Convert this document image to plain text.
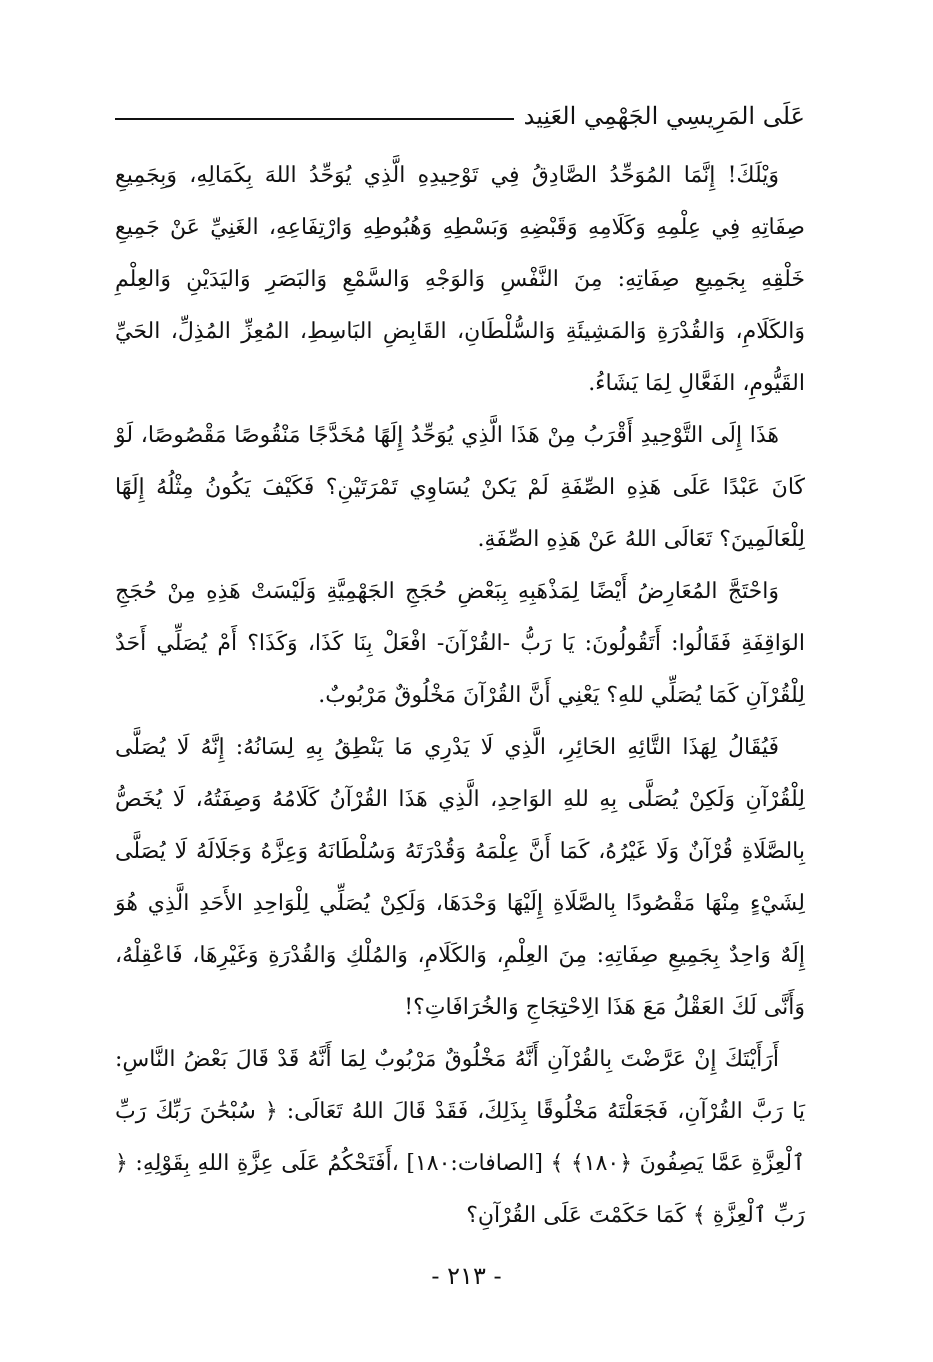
عَلَى المَرِيسِي الجَهْمِي العَنِيد

وَيْلَكَ! إِنَّمَا المُوَحِّدُ الصَّادِقُ فِي تَوْحِيدِهِ الَّذِي يُوَحِّدُ اللهَ بِكَمَالِهِ، وَبِجَمِيعِ صِفَاتِهِ فِي عِلْمِهِ وَكَلَامِهِ وَقَبْضِهِ وَبَسْطِهِ وَهُبُوطِهِ وَارْتِفَاعِهِ، الغَنِيِّ عَنْ جَمِيعِ خَلْقِهِ بِجَمِيعِ صِفَاتِهِ: مِنَ النَّفْسِ وَالوَجْهِ وَالسَّمْعِ وَالبَصَرِ وَاليَدَيْنِ وَالعِلْمِ وَالكَلَامِ، وَالقُدْرَةِ وَالمَشِيئَةِ وَالسُّلْطَانِ، القَابِضِ البَاسِطِ، المُعِزِّ المُذِلِّ، الحَيِّ القَيُّومِ، الفَعَّالِ لِمَا يَشَاءُ.

هَذَا إِلَى التَّوْحِيدِ أَقْرَبُ مِنْ هَذَا الَّذِي يُوَحِّدُ إِلَهًا مُخَدَّجًا مَنْقُوصًا مَقْصُوصًا، لَوْ كَانَ عَبْدًا عَلَى هَذِهِ الصِّفَةِ لَمْ يَكنْ يُسَاوِي تَمْرَتَيْنِ؟ فَكَيْفَ يَكُونُ مِثْلُهُ إِلَهًا لِلْعَالَمِينَ؟ تَعَالَى اللهُ عَنْ هَذِهِ الصِّفَةِ.

وَاحْتَجَّ المُعَارِضُ أَيْضًا لِمَذْهَبِهِ بِبَعْضِ حُجَجِ الجَهْمِيَّةِ وَلَيْسَتْ هَذِهِ مِنْ حُجَجِ الوَاقِفَةِ فَقَالُوا: أَتَقُولُونَ: يَا رَبُّ -القُرْآنَ- افْعَلْ بِنَا كَذَا، وَكَذَا؟ أَمْ يُصَلِّي أَحَدٌ لِلْقُرْآنِ كَمَا يُصَلِّي للهِ؟ يَعْنِي أَنَّ القُرْآنَ مَخْلُوقٌ مَرْبُوبٌ.

فَيُقَالُ لِهَذَا التَّائِهِ الحَائِرِ، الَّذِي لَا يَدْرِي مَا يَنْطِقُ بِهِ لِسَانُهُ: إِنَّهُ لَا يُصَلَّى لِلْقُرْآنِ وَلَكِنْ يُصَلَّى بِهِ للهِ الوَاحِدِ، الَّذِي هَذَا القُرْآنُ كَلَامُهُ وَصِفَتُهُ، لَا يُخَصُّ بِالصَّلَاةِ قُرْآنٌ وَلَا غَيْرُهُ، كَمَا أَنَّ عِلْمَهُ وَقُدْرَتَهُ وَسُلْطَانَهُ وَعِزَّهُ وَجَلَالَهُ لَا يُصَلَّى لِشَيْءٍ مِنْهَا مَقْصُودًا بِالصَّلَاةِ إِلَيْهَا وَحْدَهَا، وَلَكِنْ يُصَلِّي لِلْوَاحِدِ الأَحَدِ الَّذِي هُوَ إِلَهٌ وَاحِدٌ بِجَمِيعِ صِفَاتِهِ: مِنَ العِلْمِ، وَالكَلَامِ، وَالمُلْكِ وَالقُدْرَةِ وَغَيْرِهَا، فَاعْقِلْهُ، وَأَنَّى لَكَ العَقْلُ مَعَ هَذَا الِاحْتِجَاجِ وَالخُرَافَاتِ؟!

أَرَأَيْتَكَ إِنْ عَرَّضْتَ بِالقُرْآنِ أَنَّهُ مَخْلُوقٌ مَرْبُوبٌ لِمَا أَنَّهُ قَدْ قَالَ بَعْضُ النَّاسِ: يَا رَبَّ القُرْآنِ، فَجَعَلْتَهُ مَخْلُوقًا بِذَلِكَ، فَقَدْ قَالَ اللهُ تَعَالَى: ﴿ سُبْحَٰنَ رَبِّكَ رَبِّ ٱلْعِزَّةِ عَمَّا يَصِفُونَ ﴿١٨٠﴾ ﴾ [الصافات:١٨٠] ،أَفَتَحْكُمُ عَلَى عِزَّةِ اللهِ بِقَوْلِهِ: ﴿ رَبِّ ٱلْعِزَّةِ ﴾ كَمَا حَكَمْتَ عَلَى القُرْآنِ؟

- ٢١٣ -
